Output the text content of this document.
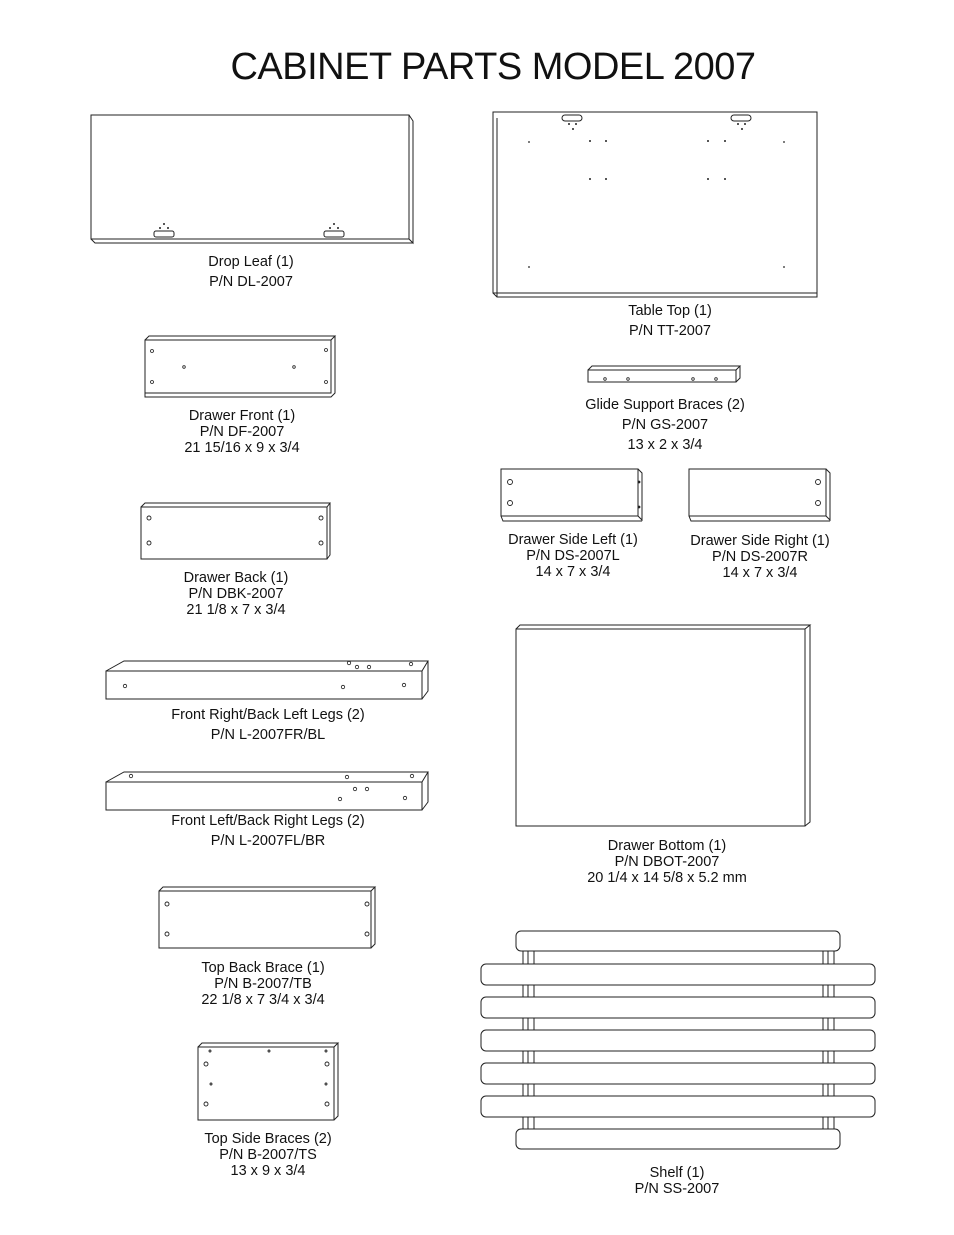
CABINET PARTS MODEL 2007
Drop Leaf (1)
P/N DL-2007
Table Top (1)
P/N TT-2007
Drawer Front (1)
P/N DF-2007
21 15/16 x 9 x 3/4
Glide Support Braces (2)
P/N GS-2007
13 x 2 x 3/4
Drawer Side Left (1)
P/N DS-2007L
14 x 7 x 3/4
Drawer Side Right (1)
P/N DS-2007R
14 x 7 x 3/4
Drawer Back (1)
P/N DBK-2007
21 1/8 x 7 x 3/4
Front Right/Back Left Legs (2)
P/N L-2007FR/BL
Front Left/Back Right Legs (2)
P/N L-2007FL/BR	Drawer Bottom (1)
P/N DBOT-2007
20 1/4 x 14 5/8 x 5.2 mm
Top Back Brace (1)
P/N B-2007/TB
22 1/8 x 7 3/4 x 3/4
Top Side Braces (2)
P/N B-2007/TS
13 x 9 x 3/4	Shelf (1)
P/N SS-2007
